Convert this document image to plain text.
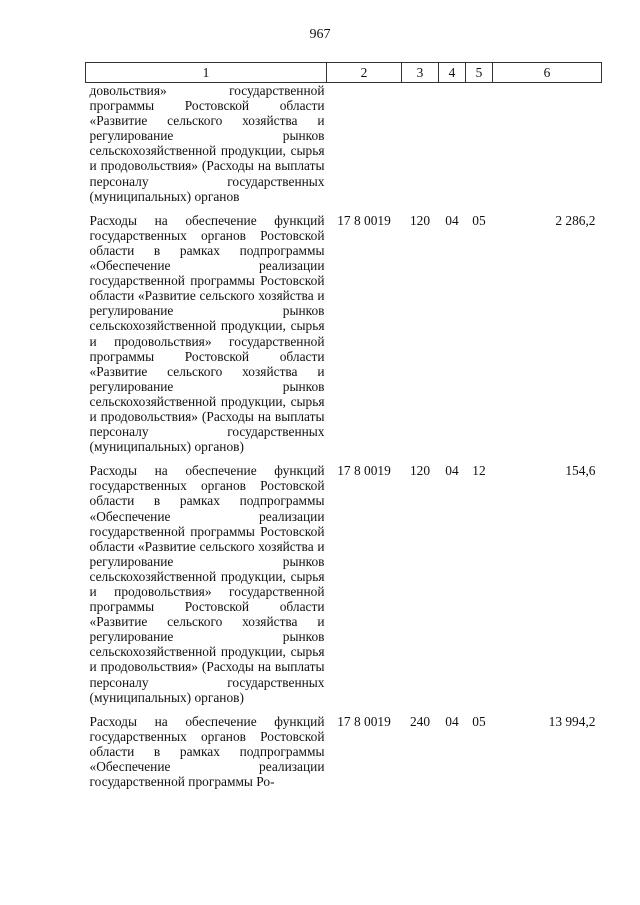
967
1	2	3	4	5	6
довольствия» государственной программы Ростовской области «Развитие сельского хозяйства и регулирование рынков сельскохозяйственной продукции, сырья и продовольствия» (Расходы на выплаты персоналу государственных (муниципальных) органов					
Расходы на обеспечение функций государственных органов Ростовской области в рамках подпрограммы «Обеспечение реализации государственной программы Ростовской области «Развитие сельского хозяйства и регулирование рынков сельскохозяйственной продукции, сырья и продовольствия» государственной программы Ростовской области «Развитие сельского хозяйства и регулирование рынков сельскохозяйственной продукции, сырья и продовольствия» (Расходы на выплаты персоналу государственных (муниципальных) органов)	17 8 0019	120	04	05	2 286,2
Расходы на обеспечение функций государственных органов Ростовской области в рамках подпрограммы «Обеспечение реализации государственной программы Ростовской области «Развитие сельского хозяйства и регулирование рынков сельскохозяйственной продукции, сырья и продовольствия» государственной программы Ростовской области «Развитие сельского хозяйства и регулирование рынков сельскохозяйственной продукции, сырья и продовольствия» (Расходы на выплаты персоналу государственных (муниципальных) органов)	17 8 0019	120	04	12	154,6
Расходы на обеспечение функций государственных органов Ростовской области в рамках подпрограммы «Обеспечение реализации государственной программы Ро-	17 8 0019	240	04	05	13 994,2
